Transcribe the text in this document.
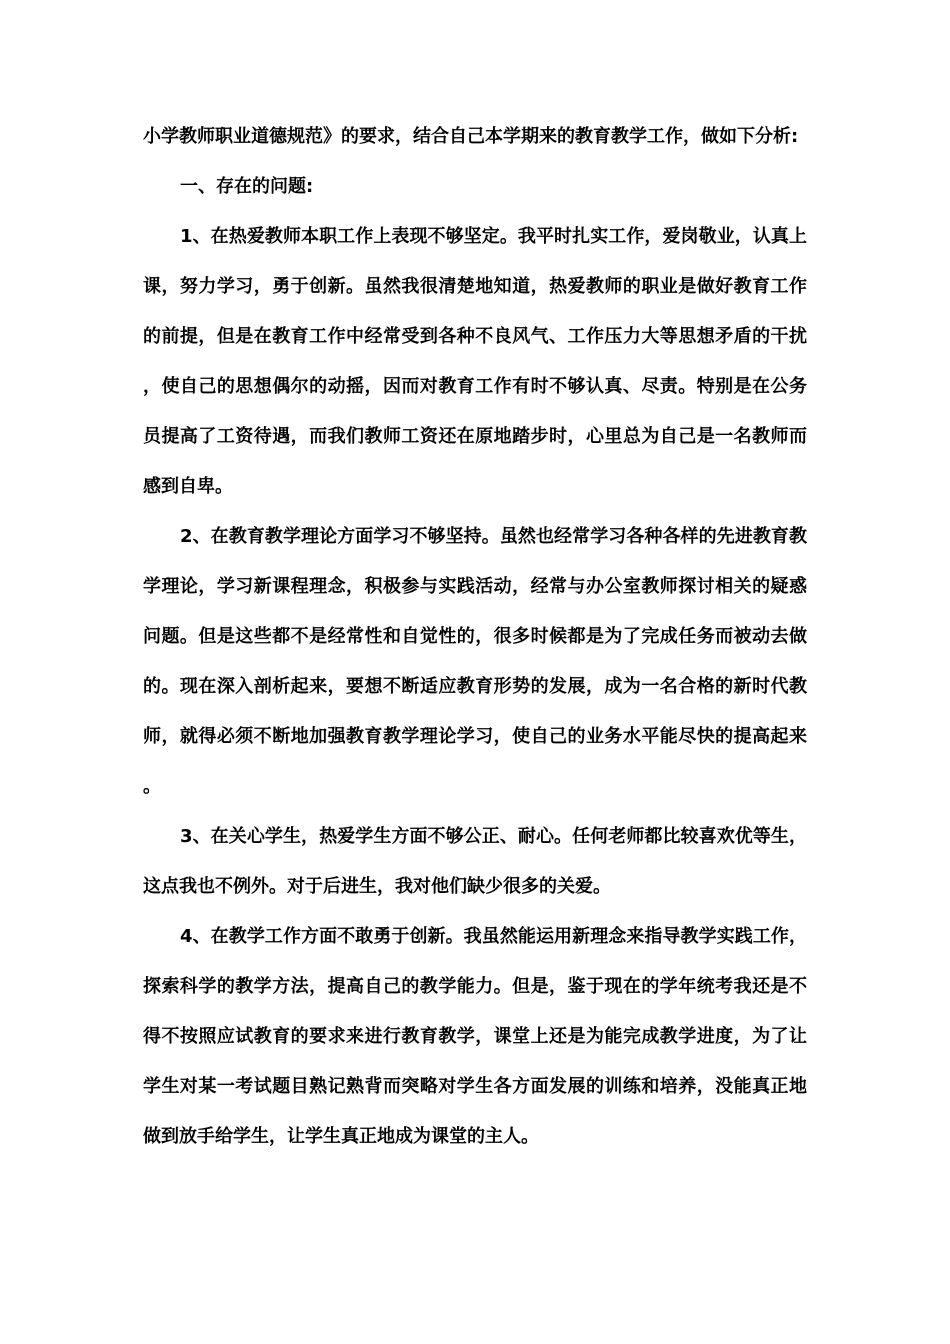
小学教师职业道德规范》的要求，结合自己本学期来的教育教学工作，做如下分析:

一、存在的问题:

1、在热爱教师本职工作上表现不够坚定。我平时扎实工作，爱岗敬业，认真上课，努力学习，勇于创新。虽然我很清楚地知道，热爱教师的职业是做好教育工作的前提，但是在教育工作中经常受到各种不良风气、工作压力大等思想矛盾的干扰，使自己的思想偶尔的动摇，因而对教育工作有时不够认真、尽责。特别是在公务员提高了工资待遇，而我们教师工资还在原地踏步时，心里总为自己是一名教师而感到自卑。

2、在教育教学理论方面学习不够坚持。虽然也经常学习各种各样的先进教育教学理论，学习新课程理念，积极参与实践活动，经常与办公室教师探讨相关的疑惑问题。但是这些都不是经常性和自觉性的，很多时候都是为了完成任务而被动去做的。现在深入剖析起来，要想不断适应教育形势的发展，成为一名合格的新时代教师，就得必须不断地加强教育教学理论学习，使自己的业务水平能尽快的提高起来。

3、在关心学生，热爱学生方面不够公正、耐心。任何老师都比较喜欢优等生，这点我也不例外。对于后进生，我对他们缺少很多的关爱。

4、在教学工作方面不敢勇于创新。我虽然能运用新理念来指导教学实践工作，探索科学的教学方法，提高自己的教学能力。但是，鉴于现在的学年统考我还是不得不按照应试教育的要求来进行教育教学，课堂上还是为能完成教学进度，为了让学生对某一考试题目熟记熟背而突略对学生各方面发展的训练和培养，没能真正地做到放手给学生，让学生真正地成为课堂的主人。
